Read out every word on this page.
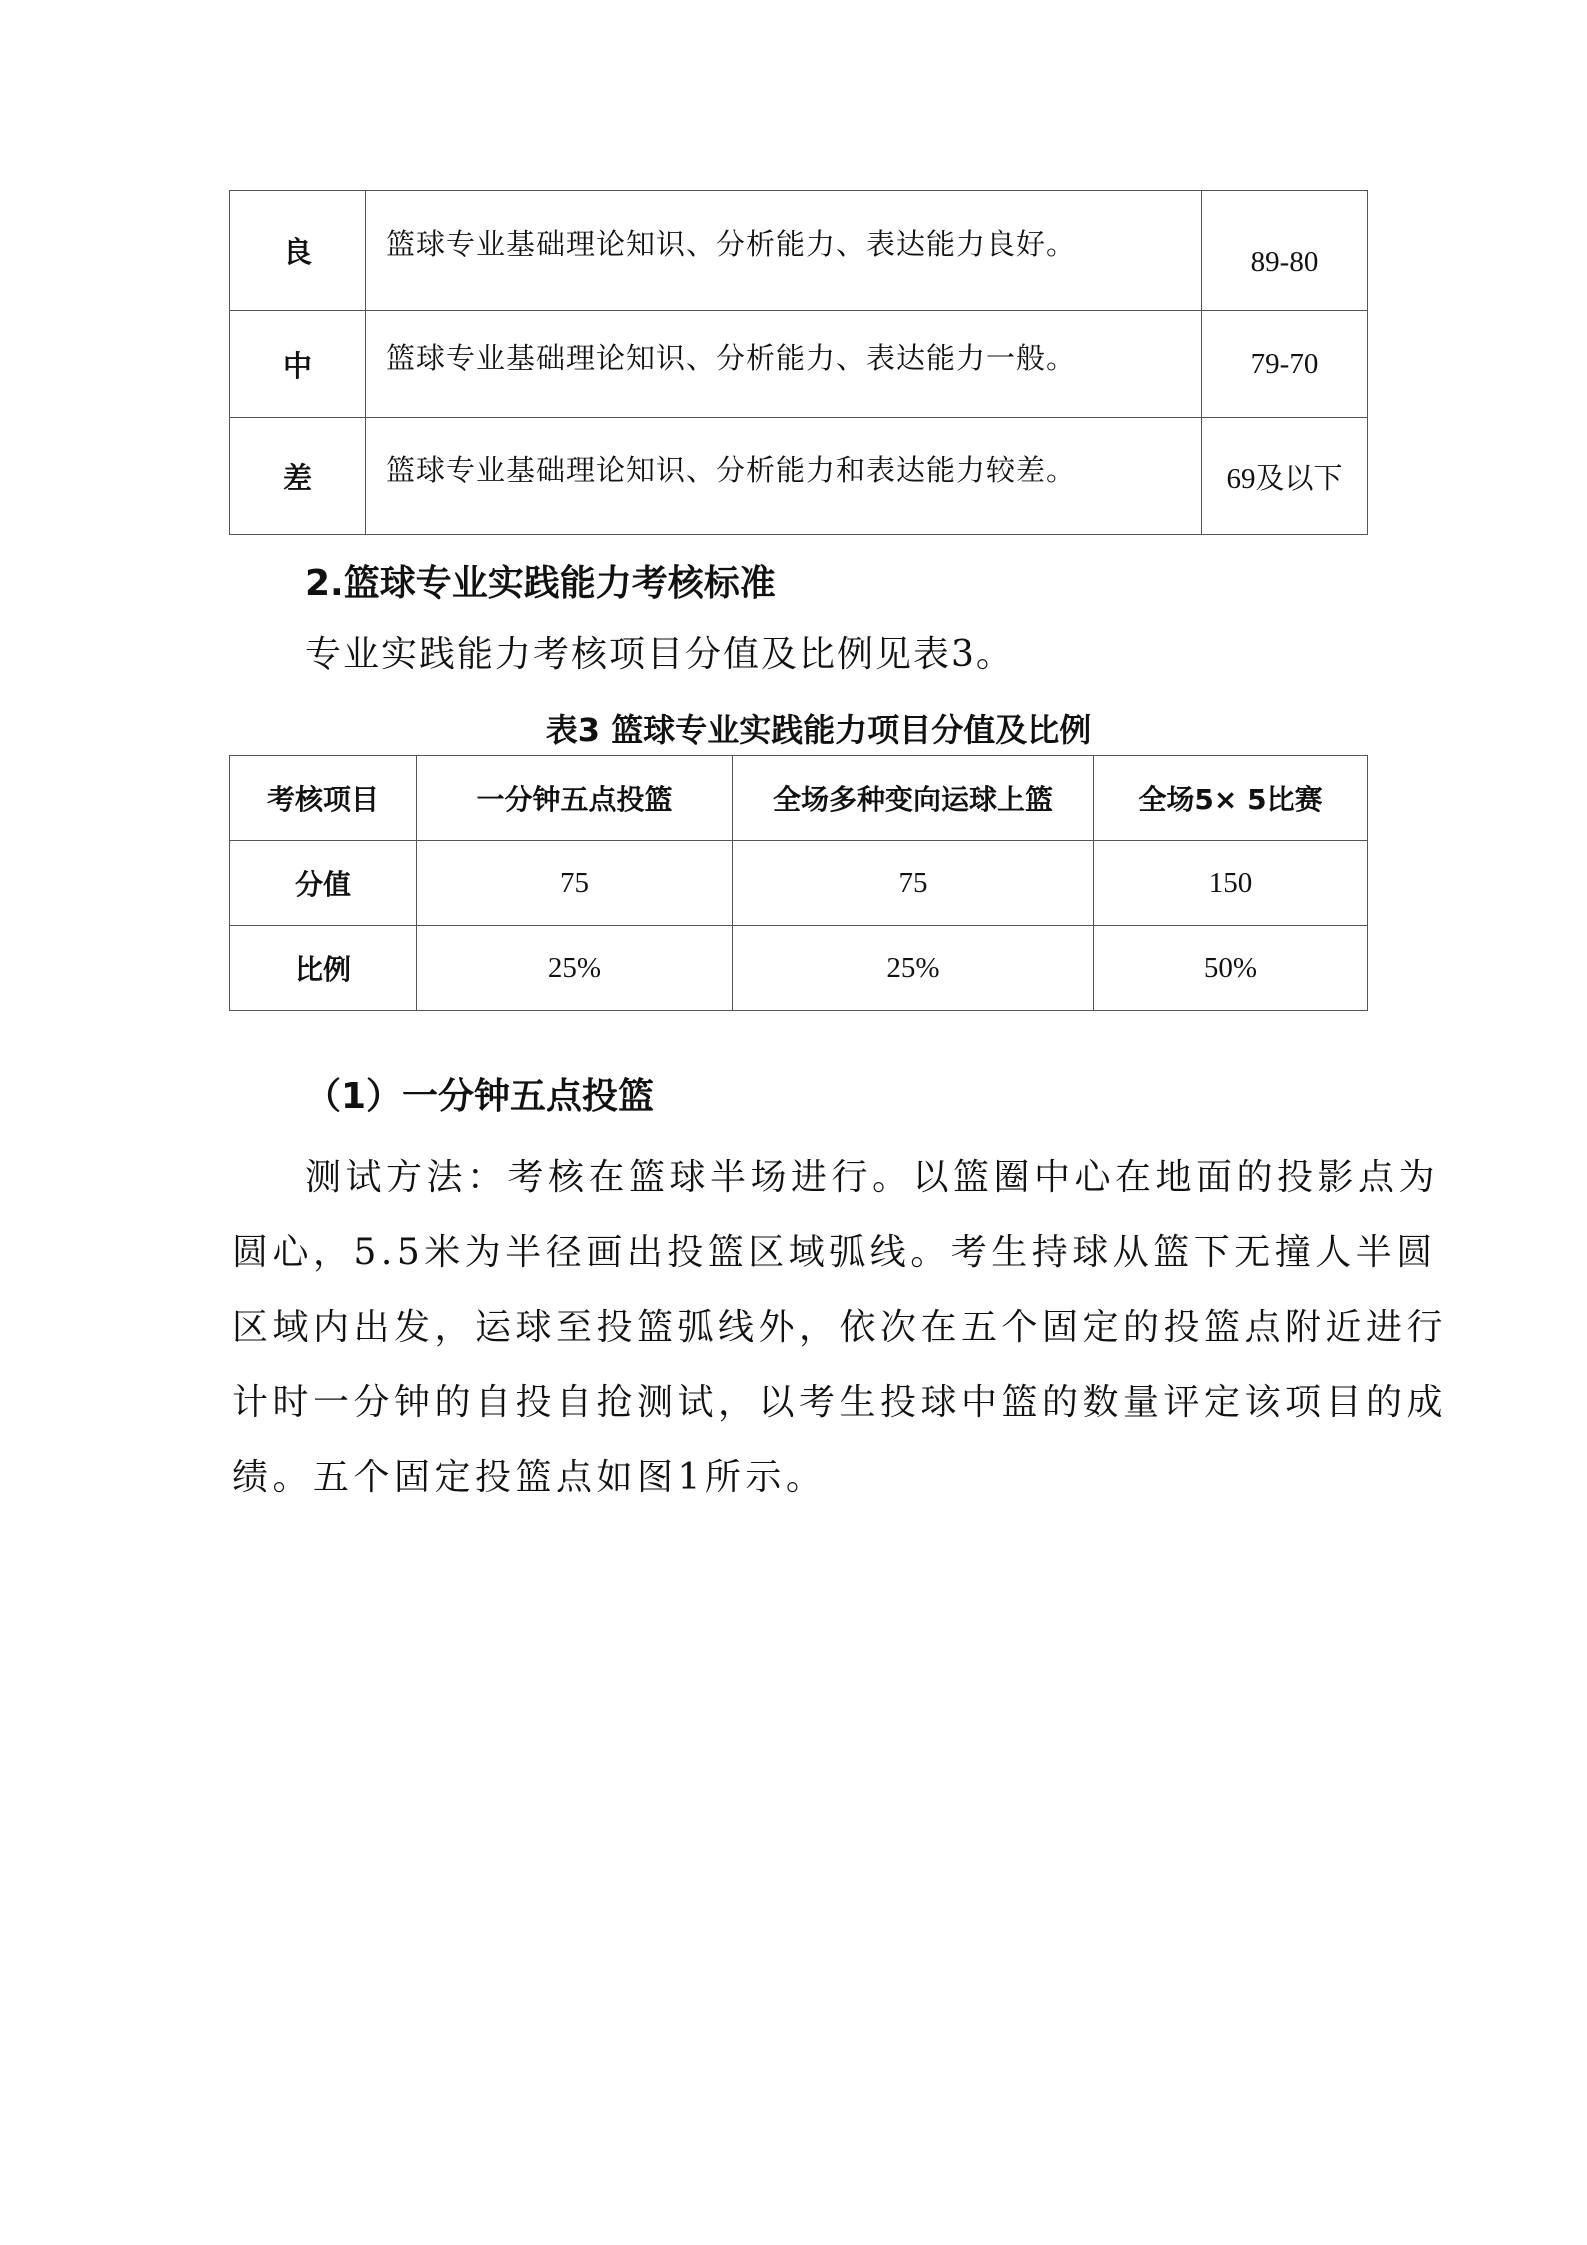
良	篮球专业基础理论知识、分析能力、表达能力良好。	89-80
中	篮球专业基础理论知识、分析能力、表达能力一般。	79-70
差	篮球专业基础理论知识、分析能力和表达能力较差。	69及以下

2.篮球专业实践能力考核标准

专业实践能力考核项目分值及比例见表3。

表3 篮球专业实践能力项目分值及比例

考核项目	一分钟五点投篮	全场多种变向运球上篮	全场5× 5比赛
分值	75	75	150
比例	25%	25%	50%

（1）一分钟五点投篮

测试方法：考核在篮球半场进行。以篮圈中心在地面的投影点为
圆心，5.5米为半径画出投篮区域弧线。考生持球从篮下无撞人半圆
区域内出发，运球至投篮弧线外，依次在五个固定的投篮点附近进行
计时一分钟的自投自抢测试，以考生投球中篮的数量评定该项目的成
绩。五个固定投篮点如图1所示。
